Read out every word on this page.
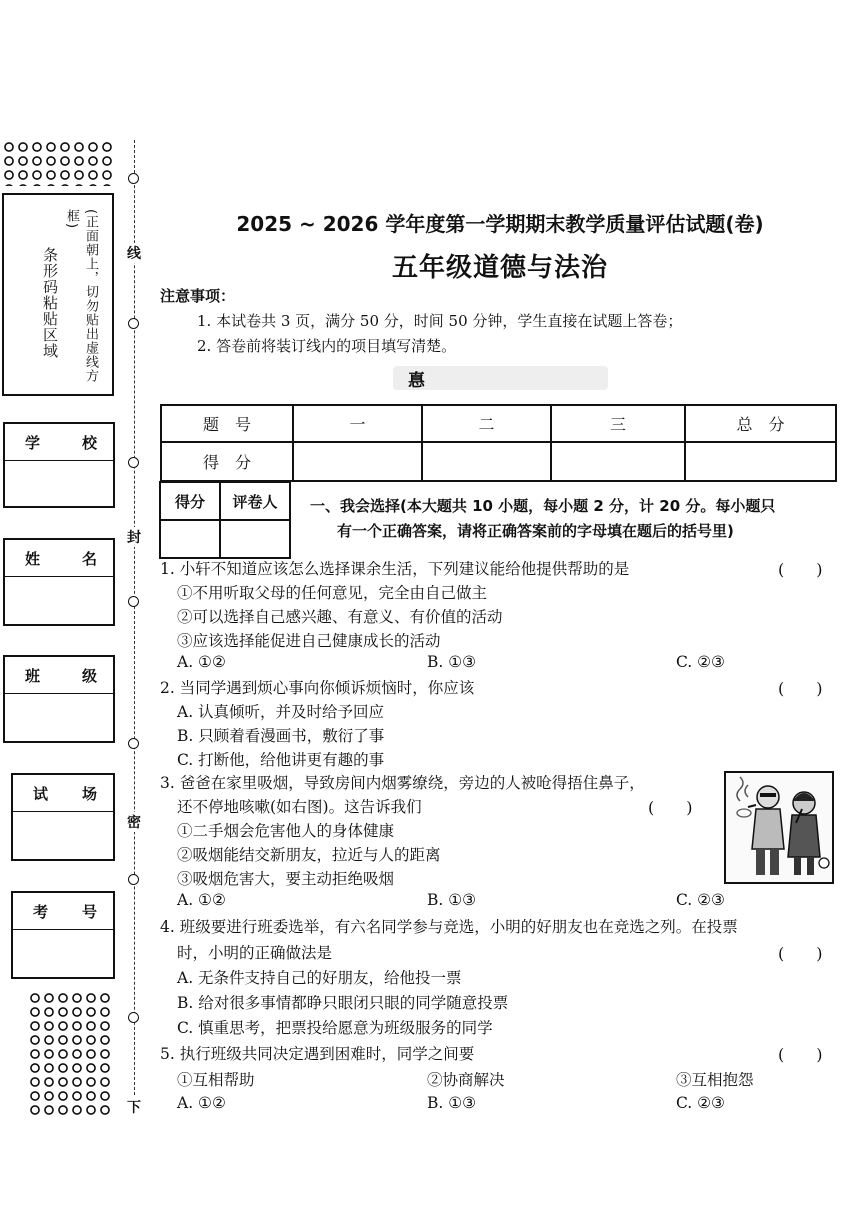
条形码粘贴区域	(正面朝上，切勿贴出虚线方框)
学	校
姓	名
班	级
试 场
考 号
线
封
密
下
2025 ~ 2026 学年度第一学期期末教学质量评估试题(卷)
五年级道德与法治
注意事项：
1. 本试卷共 3 页，满分 50 分，时间 50 分钟，学生直接在试题上答卷；
2. 答卷前将装订线内的项目填写清楚。
惪
题　号	一	二	三	总　分
得　分				
得分	评卷人
	一、我会选择(本大题共 10 小题，每小题 2 分，计 20 分。每小题只
有一个正确答案，请将正确答案前的字母填在题后的括号里)
1. 小轩不知道应该怎么选择课余生活，下列建议能给他提供帮助的是	(　　)
①不用听取父母的任何意见，完全由自己做主
②可以选择自己感兴趣、有意义、有价值的活动
③应该选择能促进自己健康成长的活动
A. ①②	B. ①③	C. ②③
2. 当同学遇到烦心事向你倾诉烦恼时，你应该	(　　)
A. 认真倾听，并及时给予回应
B. 只顾着看漫画书，敷衍了事
C. 打断他，给他讲更有趣的事
3. 爸爸在家里吸烟，导致房间内烟雾缭绕，旁边的人被呛得捂住鼻子，
还不停地咳嗽(如右图)。这告诉我们	(　　)
①二手烟会危害他人的身体健康
②吸烟能结交新朋友，拉近与人的距离
③吸烟危害大，要主动拒绝吸烟
A. ①②	B. ①③	C. ②③
4. 班级要进行班委选举，有六名同学参与竞选，小明的好朋友也在竞选之列。在投票
时，小明的正确做法是	(　　)
A. 无条件支持自己的好朋友，给他投一票
B. 给对很多事情都睁只眼闭只眼的同学随意投票
C. 慎重思考，把票投给愿意为班级服务的同学
5. 执行班级共同决定遇到困难时，同学之间要	(　　)
①互相帮助	②协商解决	③互相抱怨
A. ①②	B. ①③	C. ②③
